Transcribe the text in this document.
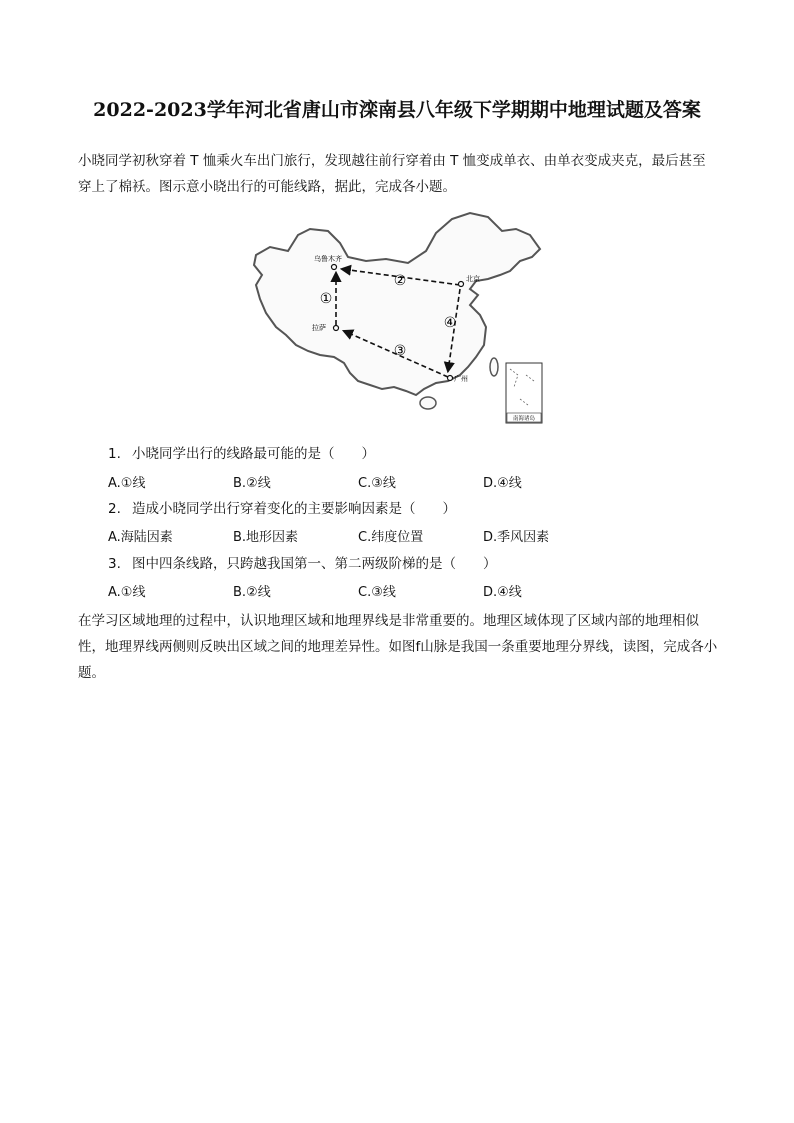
2022-2023学年河北省唐山市滦南县八年级下学期期中地理试题及答案
小晓同学初秋穿着 T 恤乘火车出门旅行，发现越往前行穿着由 T 恤变成单衣、由单衣变成夹克，最后甚至穿上了棉袄。图示意小晓出行的可能线路，据此，完成各小题。
南海诸岛
乌鲁木齐
北京
拉萨
广州
①
②
③
④
1. 小晓同学出行的线路最可能的是（　　）
A.①线	B.②线	C.③线	D.④线
2. 造成小晓同学出行穿着变化的主要影响因素是（　　）
A.海陆因素	B.地形因素	C.纬度位置	D.季风因素
3. 图中四条线路，只跨越我国第一、第二两级阶梯的是（　　）
A.①线	B.②线	C.③线	D.④线
在学习区域地理的过程中，认识地理区域和地理界线是非常重要的。地理区域体现了区域内部的地理相似性，地理界线两侧则反映出区域之间的地理差异性。如图f山脉是我国一条重要地理分界线，读图，完成各小题。
